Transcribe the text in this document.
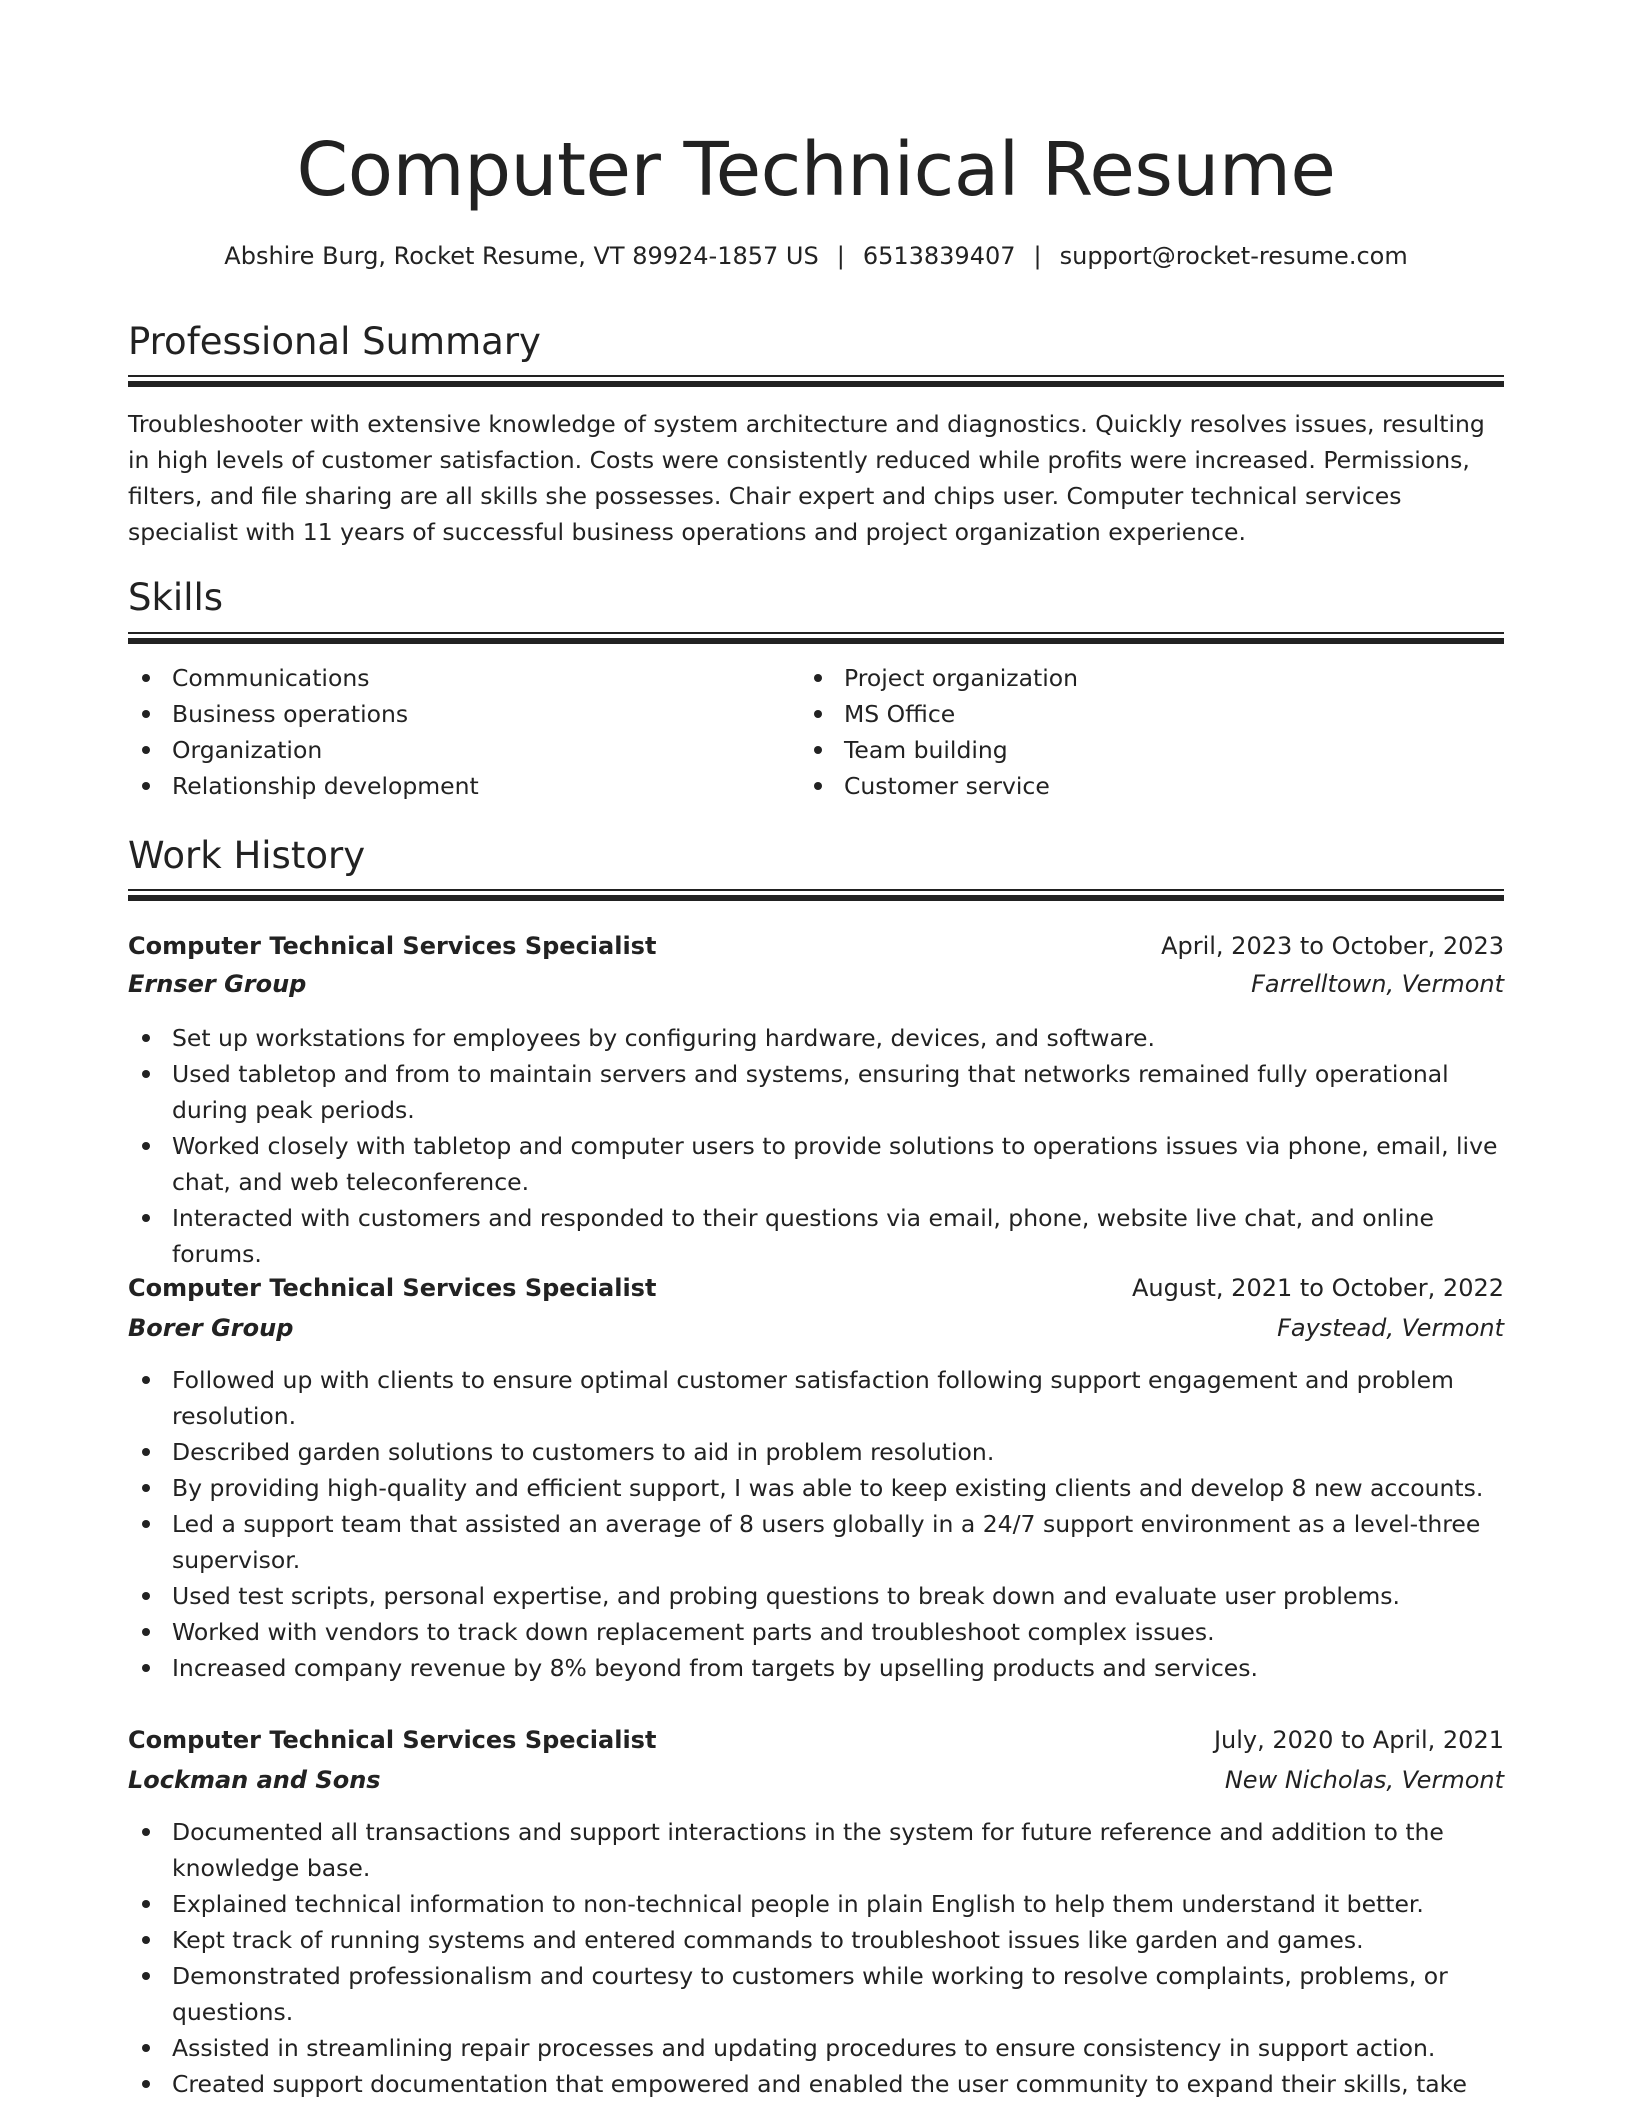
Computer Technical Resume
Abshire Burg, Rocket Resume, VT 89924-1857 US | 6513839407 | support@rocket-resume.com
Professional Summary

Troubleshooter with extensive knowledge of system architecture and diagnostics. Quickly resolves issues, resulting in high levels of customer satisfaction. Costs were consistently reduced while profits were increased. Permissions, filters, and file sharing are all skills she possesses. Chair expert and chips user. Computer technical services specialist with 11 years of successful business operations and project organization experience.

Skills
Communications
Business operations
Organization
Relationship development
Project organization
MS Office
Team building
Customer service
Work History
Computer Technical Services Specialist	April, 2023 to October, 2023
Ernser Group	Farrelltown, Vermont
Set up workstations for employees by configuring hardware, devices, and software.
Used tabletop and from to maintain servers and systems, ensuring that networks remained fully operational during peak periods.
Worked closely with tabletop and computer users to provide solutions to operations issues via phone, email, live chat, and web teleconference.
Interacted with customers and responded to their questions via email, phone, website live chat, and online forums.
Computer Technical Services Specialist	August, 2021 to October, 2022
Borer Group	Faystead, Vermont
Followed up with clients to ensure optimal customer satisfaction following support engagement and problem resolution.
Described garden solutions to customers to aid in problem resolution.
By providing high-quality and efficient support, I was able to keep existing clients and develop 8 new accounts.
Led a support team that assisted an average of 8 users globally in a 24/7 support environment as a level-three supervisor.
Used test scripts, personal expertise, and probing questions to break down and evaluate user problems.
Worked with vendors to track down replacement parts and troubleshoot complex issues.
Increased company revenue by 8% beyond from targets by upselling products and services.
Computer Technical Services Specialist	July, 2020 to April, 2021
Lockman and Sons	New Nicholas, Vermont
Documented all transactions and support interactions in the system for future reference and addition to the knowledge base.
Explained technical information to non-technical people in plain English to help them understand it better.
Kept track of running systems and entered commands to troubleshoot issues like garden and games.
Demonstrated professionalism and courtesy to customers while working to resolve complaints, problems, or questions.
Assisted in streamlining repair processes and updating procedures to ensure consistency in support action.
Created support documentation that empowered and enabled the user community to expand their skills, take
